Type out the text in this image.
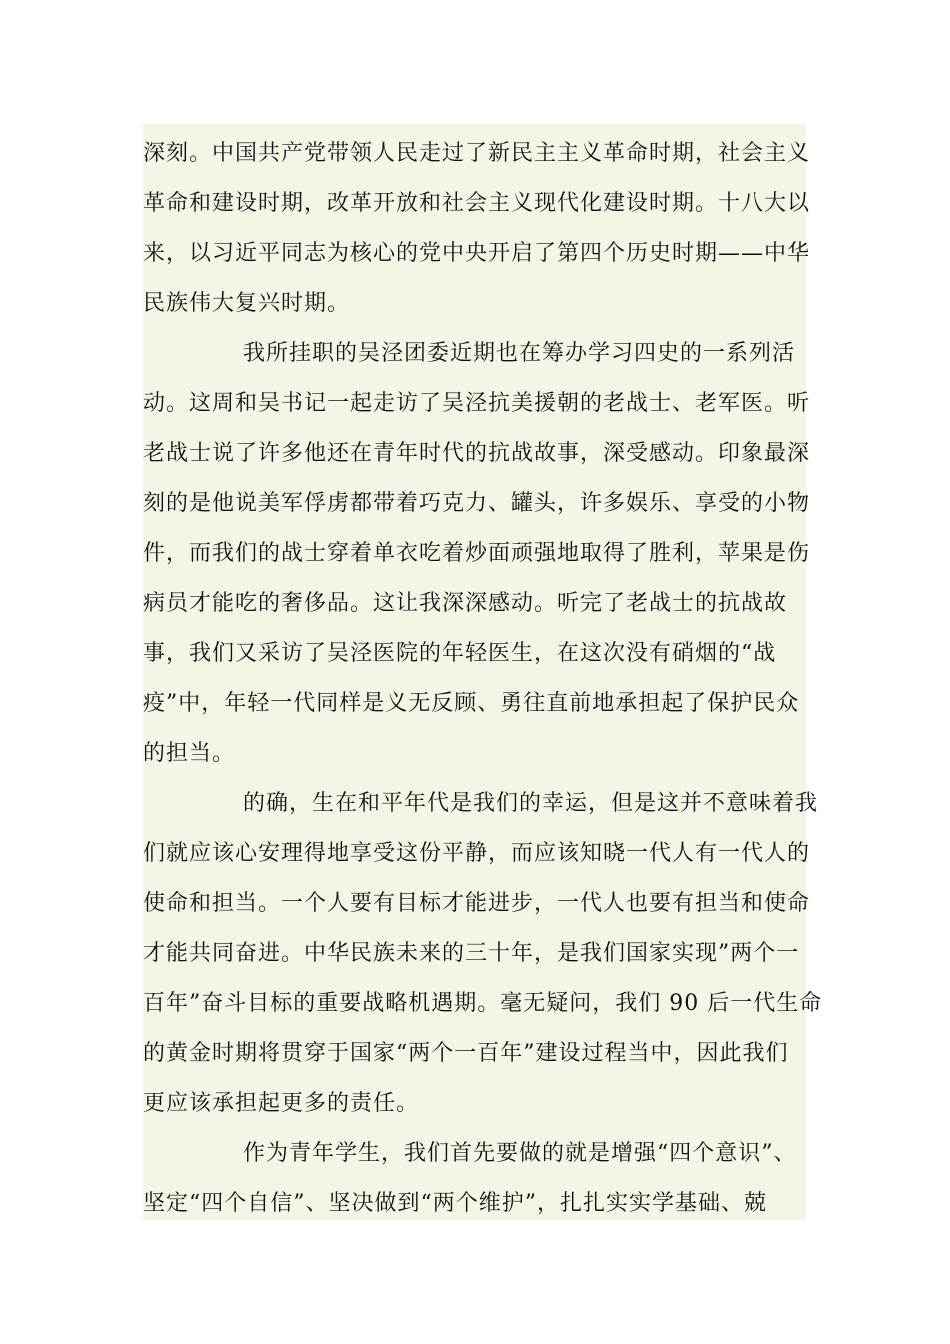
深刻。中国共产党带领人民走过了新民主主义革命时期，社会主义
革命和建设时期，改革开放和社会主义现代化建设时期。十八大以
来，以习近平同志为核心的党中央开启了第四个历史时期——中华
民族伟大复兴时期。
我所挂职的吴泾团委近期也在筹办学习四史的一系列活
动。这周和吴书记一起走访了吴泾抗美援朝的老战士、老军医。听
老战士说了许多他还在青年时代的抗战故事，深受感动。印象最深
刻的是他说美军俘虏都带着巧克力、罐头，许多娱乐、享受的小物
件，而我们的战士穿着单衣吃着炒面顽强地取得了胜利，苹果是伤
病员才能吃的奢侈品。这让我深深感动。听完了老战士的抗战故
事，我们又采访了吴泾医院的年轻医生，在这次没有硝烟的“战
疫”中，年轻一代同样是义无反顾、勇往直前地承担起了保护民众
的担当。
的确，生在和平年代是我们的幸运，但是这并不意味着我
们就应该心安理得地享受这份平静，而应该知晓一代人有一代人的
使命和担当。一个人要有目标才能进步，一代人也要有担当和使命
才能共同奋进。中华民族未来的三十年，是我们国家实现”两个一
百年”奋斗目标的重要战略机遇期。毫无疑问，我们 90 后一代生命
的黄金时期将贯穿于国家“两个一百年”建设过程当中，因此我们
更应该承担起更多的责任。
作为青年学生，我们首先要做的就是增强“四个意识”、
坚定“四个自信”、坚决做到“两个维护”，扎扎实实学基础、兢
